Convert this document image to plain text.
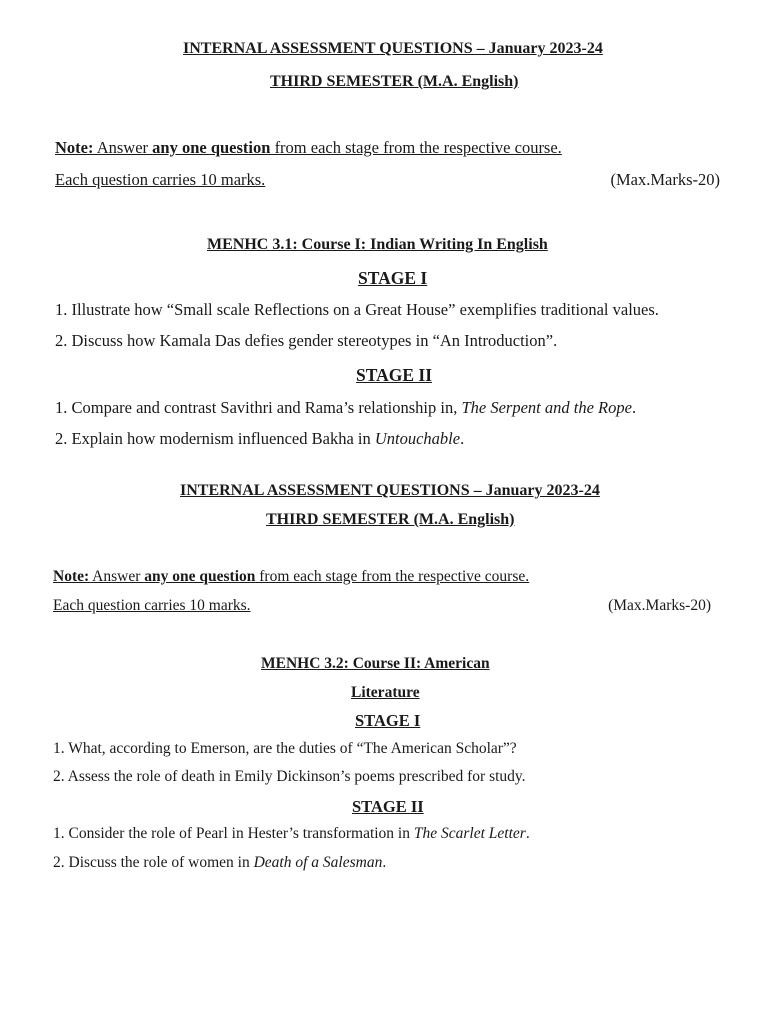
INTERNAL ASSESSMENT QUESTIONS – January 2023-24
THIRD SEMESTER (M.A. English)
Note: Answer any one question from each stage from the respective course.
Each question carries 10 marks.	(Max.Marks-20)
MENHC 3.1: Course I: Indian Writing In English
STAGE I
1. Illustrate how “Small scale Reflections on a Great House” exemplifies traditional values.
2. Discuss how Kamala Das defies gender stereotypes in “An Introduction”.
STAGE II
1. Compare and contrast Savithri and Rama’s relationship in, The Serpent and the Rope.
2. Explain how modernism influenced Bakha in Untouchable.
INTERNAL ASSESSMENT QUESTIONS – January 2023-24
THIRD SEMESTER (M.A. English)
Note: Answer any one question from each stage from the respective course.
Each question carries 10 marks.	(Max.Marks-20)
MENHC 3.2: Course II: American
Literature
STAGE I
1. What, according to Emerson, are the duties of “The American Scholar”?
2. Assess the role of death in Emily Dickinson’s poems prescribed for study.
STAGE II
1. Consider the role of Pearl in Hester’s transformation in The Scarlet Letter.
2. Discuss the role of women in Death of a Salesman.
